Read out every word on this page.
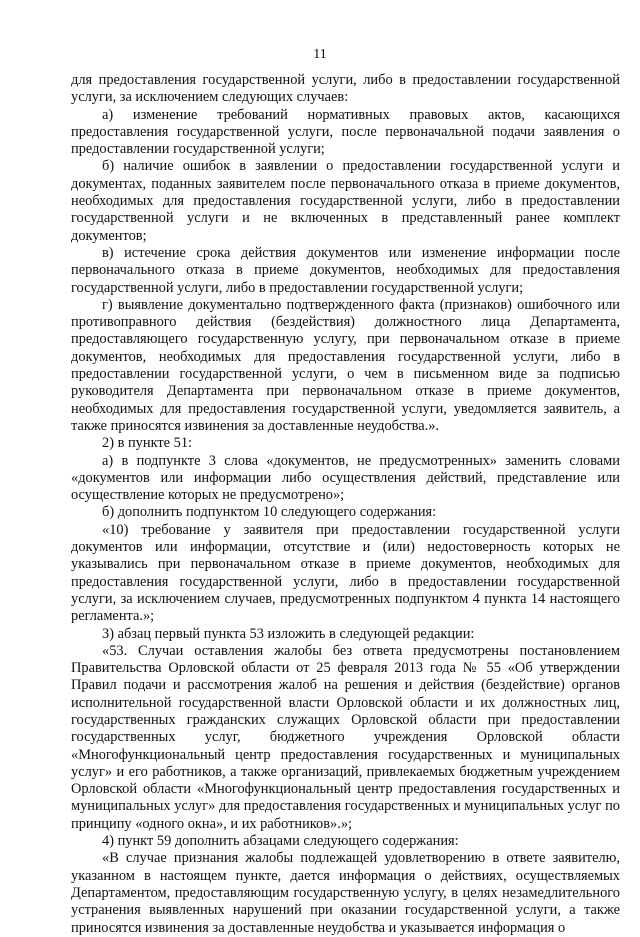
11

для предоставления государственной услуги, либо в предоставлении государственной услуги, за исключением следующих случаев:

а) изменение требований нормативных правовых актов, касающихся предоставления государственной услуги, после первоначальной подачи заявления о предоставлении государственной услуги;

б) наличие ошибок в заявлении о предоставлении государственной услуги и документах, поданных заявителем после первоначального отказа в приеме документов, необходимых для предоставления государственной услуги, либо в предоставлении государственной услуги и не включенных в представленный ранее комплект документов;

в) истечение срока действия документов или изменение информации после первоначального отказа в приеме документов, необходимых для предоставления государственной услуги, либо в предоставлении государственной услуги;

г) выявление документально подтвержденного факта (признаков) ошибочного или противоправного действия (бездействия) должностного лица Департамента, предоставляющего государственную услугу, при первоначальном отказе в приеме документов, необходимых для предоставления государственной услуги, либо в предоставлении государственной услуги, о чем в письменном виде за подписью руководителя Департамента при первоначальном отказе в приеме документов, необходимых для предоставления государственной услуги, уведомляется заявитель, а также приносятся извинения за доставленные неудобства.».

2) в пункте 51:

а) в подпункте 3 слова «документов, не предусмотренных» заменить словами «документов или информации либо осуществления действий, представление или осуществление которых не предусмотрено»;

б) дополнить подпунктом 10 следующего содержания:

«10) требование у заявителя при предоставлении государственной услуги документов или информации, отсутствие и (или) недостоверность которых не указывались при первоначальном отказе в приеме документов, необходимых для предоставления государственной услуги, либо в предоставлении государственной услуги, за исключением случаев, предусмотренных подпунктом 4 пункта 14 настоящего регламента.»;

3) абзац первый пункта 53 изложить в следующей редакции:

«53. Случаи оставления жалобы без ответа предусмотрены постановлением Правительства Орловской области от 25 февраля 2013 года № 55 «Об утверждении Правил подачи и рассмотрения жалоб на решения и действия (бездействие) органов исполнительной государственной власти Орловской области и их должностных лиц, государственных гражданских служащих Орловской области при предоставлении государственных услуг, бюджетного учреждения Орловской области «Многофункциональный центр предоставления государственных и муниципальных услуг» и его работников, а также организаций, привлекаемых бюджетным учреждением Орловской области «Многофункциональный центр предоставления государственных и муниципальных услуг» для предоставления государственных и муниципальных услуг по принципу «одного окна», и их работников».»;

4) пункт 59 дополнить абзацами следующего содержания:

«В случае признания жалобы подлежащей удовлетворению в ответе заявителю, указанном в настоящем пункте, дается информация о действиях, осуществляемых Департаментом, предоставляющим государственную услугу, в целях незамедлительного устранения выявленных нарушений при оказании государственной услуги, а также приносятся извинения за доставленные неудобства и указывается информация о
